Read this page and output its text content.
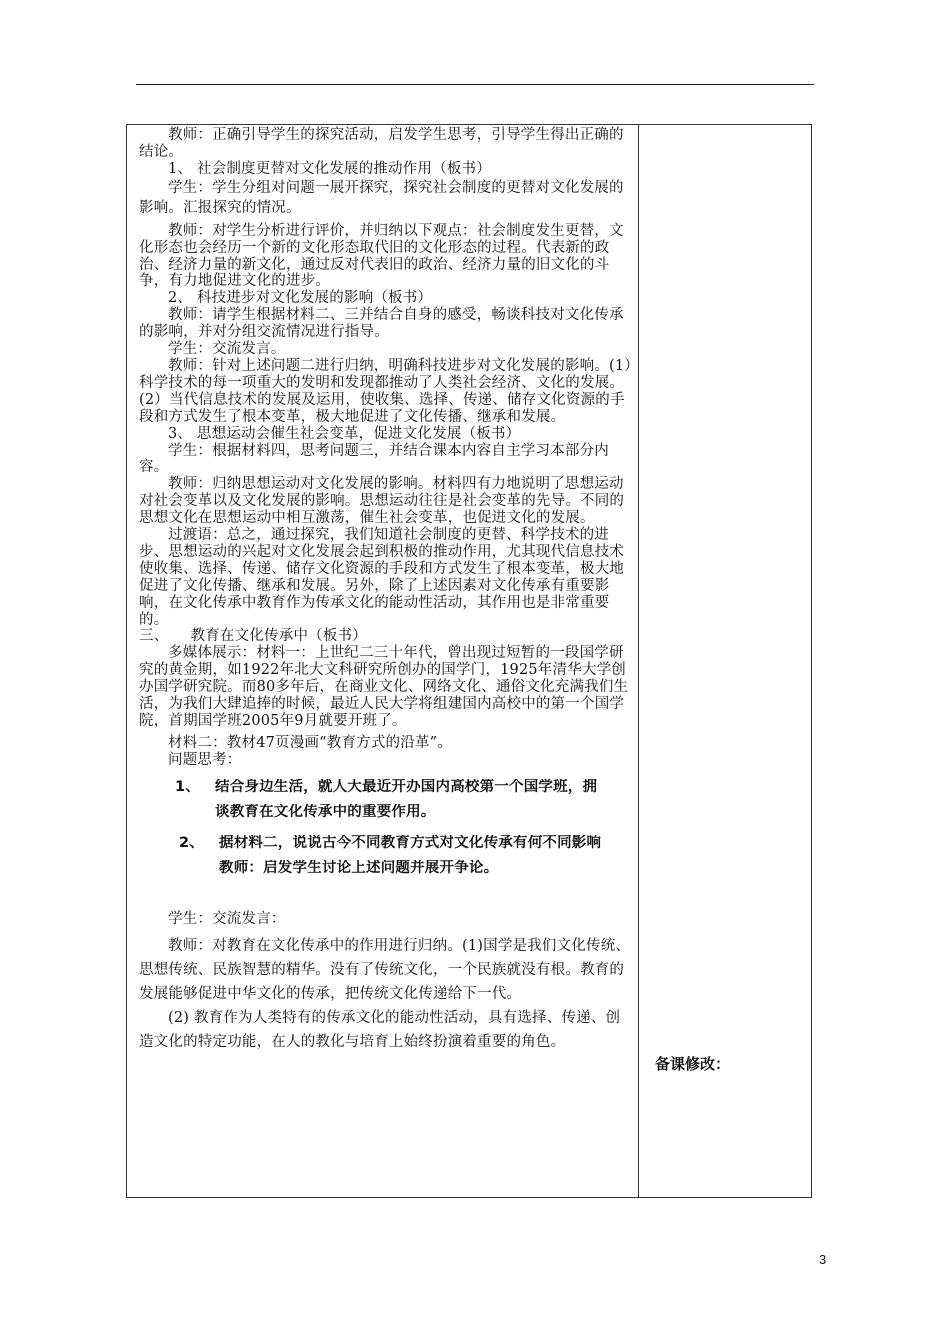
教师：正确引导学生的探究活动，启发学生思考，引导学生得出正确的结论。

1、 社会制度更替对文化发展的推动作用（板书）

学生：学生分组对问题一展开探究，探究社会制度的更替对文化发展的影响。汇报探究的情况。

教师：对学生分析进行评价，并归纳以下观点：社会制度发生更替，文化形态也会经历一个新的文化形态取代旧的文化形态的过程。代表新的政治、经济力量的新文化，通过反对代表旧的政治、经济力量的旧文化的斗争，有力地促进文化的进步。

2、 科技进步对文化发展的影响（板书）

教师：请学生根据材料二、三并结合自身的感受，畅谈科技对文化传承的影响，并对分组交流情况进行指导。

学生：交流发言。

教师：针对上述问题二进行归纳，明确科技进步对文化发展的影响。(1）科学技术的每一项重大的发明和发现都推动了人类社会经济、文化的发展。(2）当代信息技术的发展及运用，使收集、选择、传递、储存文化资源的手段和方式发生了根本变革，极大地促进了文化传播、继承和发展。

3、 思想运动会催生社会变革，促进文化发展（板书）

学生：根据材料四，思考问题三，并结合课本内容自主学习本部分内容。

教师：归纳思想运动对文化发展的影响。材料四有力地说明了思想运动对社会变革以及文化发展的影响。思想运动往往是社会变革的先导。不同的思想文化在思想运动中相互激荡，催生社会变革，也促进文化的发展。

过渡语：总之，通过探究，我们知道社会制度的更替、科学技术的进步、思想运动的兴起对文化发展会起到积极的推动作用，尤其现代信息技术使收集、选择、传递、储存文化资源的手段和方式发生了根本变革，极大地促进了文化传播、继承和发展。另外，除了上述因素对文化传承有重要影响，在文化传承中教育作为传承文化的能动性活动，其作用也是非常重要的。

三、　　教育在文化传承中（板书）

多媒体展示：材料一：上世纪二三十年代，曾出现过短暂的一段国学研究的黄金期，如1922年北大文科研究所创办的国学门，1925年清华大学创办国学研究院。而80多年后，在商业文化、网络文化、通俗文化充满我们生活，为我们大肆追捧的时候，最近人民大学将组建国内高校中的第一个国学院，首期国学班2005年9月就要开班了。

材料二：教材47页漫画“教育方式的沿革”。

问题思考：

1、 结合身边生活，就人大最近开办国内高校第一个国学班，拥
谈教育在文化传承中的重要作用。
2、 据材料二，说说古今不同教育方式对文化传承有何不同影响
教师：启发学生讨论上述问题并展开争论。

学生：交流发言：

教师：对教育在文化传承中的作用进行归纳。(1)国学是我们文化传统、思想传统、民族智慧的精华。没有了传统文化，一个民族就没有根。教育的发展能够促进中华文化的传承，把传统文化传递给下一代。

(2) 教育作为人类特有的传承文化的能动性活动，具有选择、传递、创造文化的特定功能，在人的教化与培育上始终扮演着重要的角色。

备课修改：
3
